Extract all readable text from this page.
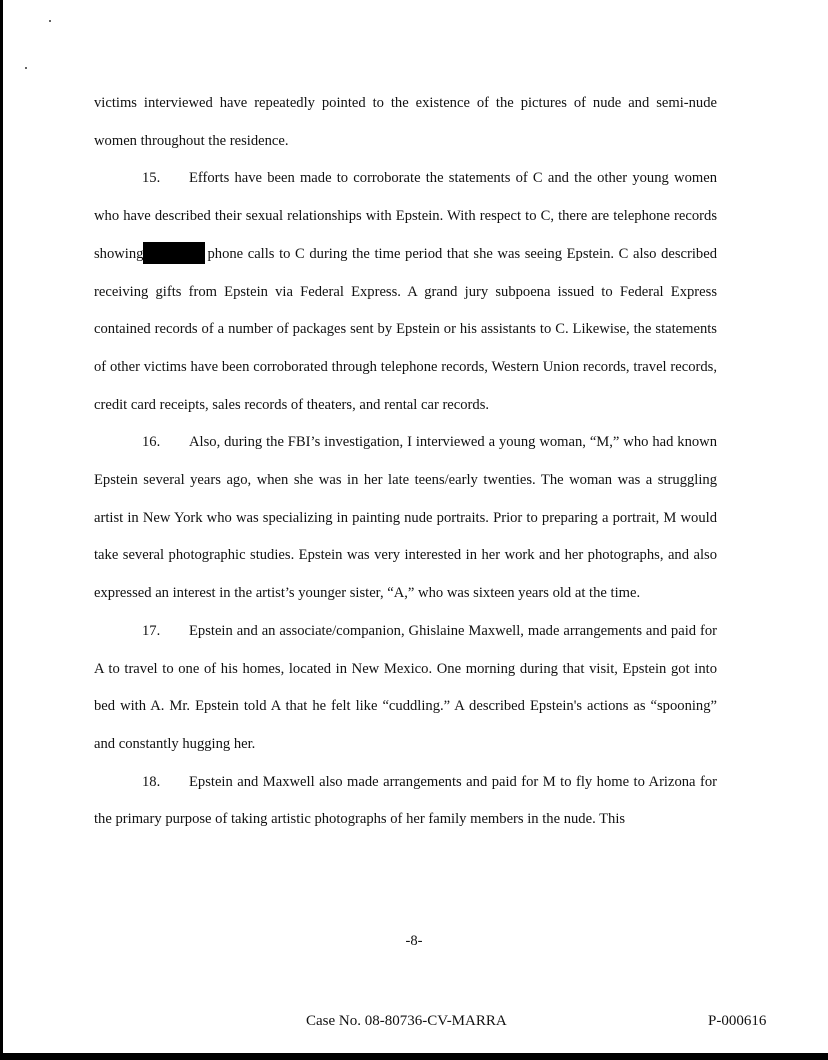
victims interviewed have repeatedly pointed to the existence of the pictures of nude and semi-nude women throughout the residence.

15. Efforts have been made to corroborate the statements of C and the other young women who have described their sexual relationships with Epstein. With respect to C, there are telephone records showing	phone calls to C during the time period that she was seeing Epstein. C also described receiving gifts from Epstein via Federal Express. A grand jury subpoena issued to Federal Express contained records of a number of packages sent by Epstein or his assistants to C. Likewise, the statements of other victims have been corroborated through telephone records, Western Union records, travel records, credit card receipts, sales records of theaters, and rental car records.

16. Also, during the FBI’s investigation, I interviewed a young woman, “M,” who had known Epstein several years ago, when she was in her late teens/early twenties. The woman was a struggling artist in New York who was specializing in painting nude portraits. Prior to preparing a portrait, M would take several photographic studies. Epstein was very interested in her work and her photographs, and also expressed an interest in the artist’s younger sister, “A,” who was sixteen years old at the time.

17. Epstein and an associate/companion, Ghislaine Maxwell, made arrangements and paid for A to travel to one of his homes, located in New Mexico. One morning during that visit, Epstein got into bed with A. Mr. Epstein told A that he felt like “cuddling.” A described Epstein's actions as “spooning” and constantly hugging her.

18. Epstein and Maxwell also made arrangements and paid for M to fly home to Arizona for the primary purpose of taking artistic photographs of her family members in the nude. This

-8-
Case No. 08-80736-CV-MARRA	P-000616
